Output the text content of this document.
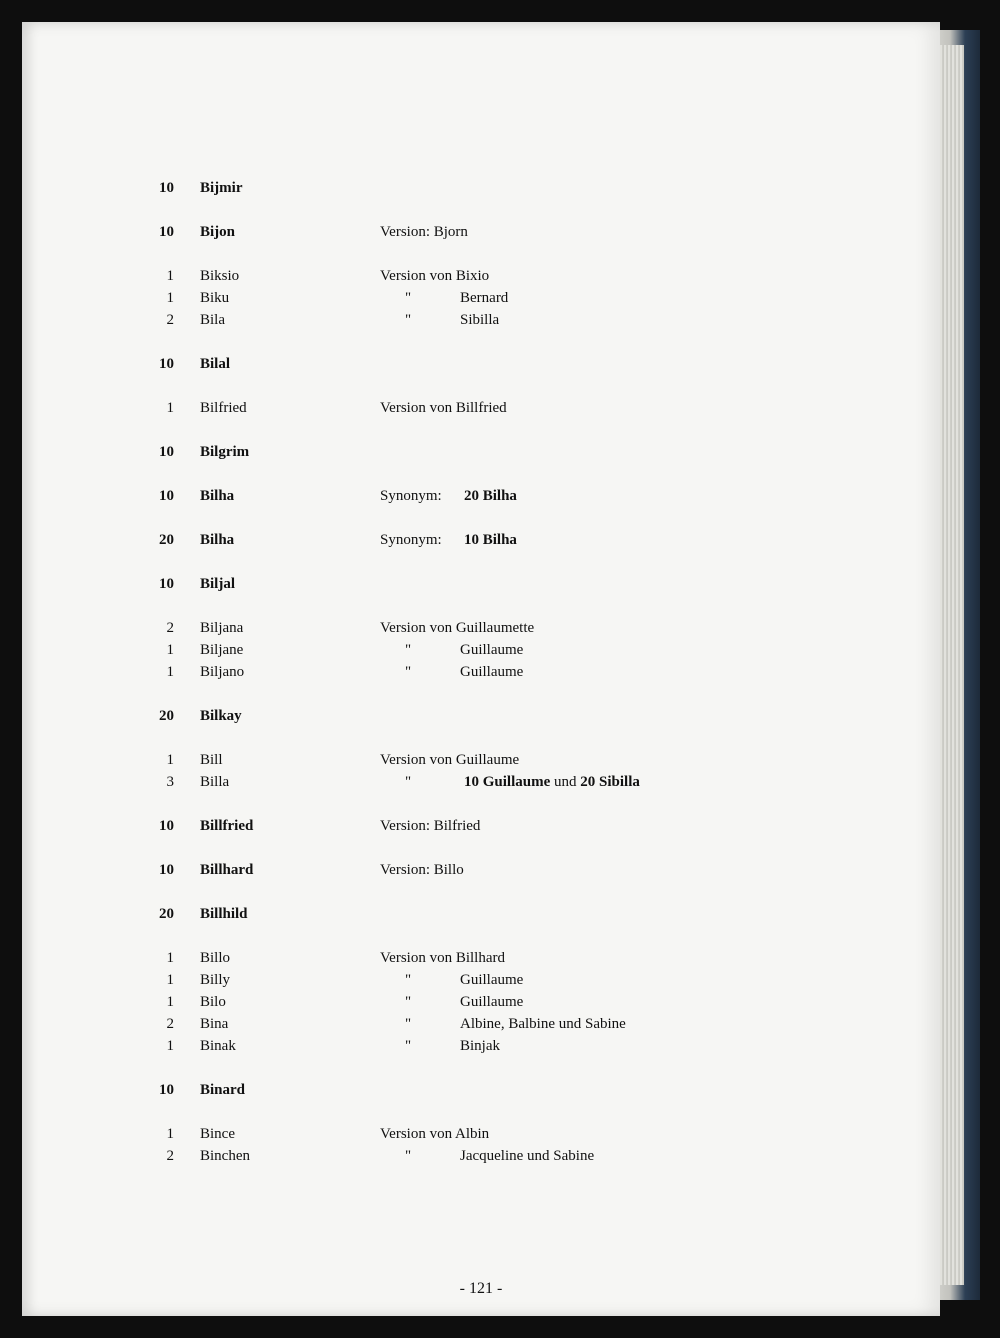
- 121 -
10 Bijmir
10 Bijon	Version: Bjorn
1 Biksio	Version von Bixio
1 Biku	"	Bernard
2 Bila	"	Sibilla
10 Bilal
1 Bilfried	Version von Billfried
10 Bilgrim
10 Bilha	Synonym: 20 Bilha
20 Bilha	Synonym: 10 Bilha
10 Biljal
2 Biljana	Version von Guillaumette
1 Biljane	"	Guillaume
1 Biljano	"	Guillaume
20 Bilkay
1 Bill	Version von Guillaume
3 Billa	"	10 Guillaume und 20 Sibilla
10 Billfried	Version: Bilfried
10 Billhard	Version: Billo
20 Billhild
1 Billo	Version von Billhard
1 Billy	"	Guillaume
1 Bilo	"	Guillaume
2 Bina	"	Albine, Balbine und Sabine
1 Binak	"	Binjak
10 Binard
1 Bince	Version von Albin
2 Binchen	"	Jacqueline und Sabine
